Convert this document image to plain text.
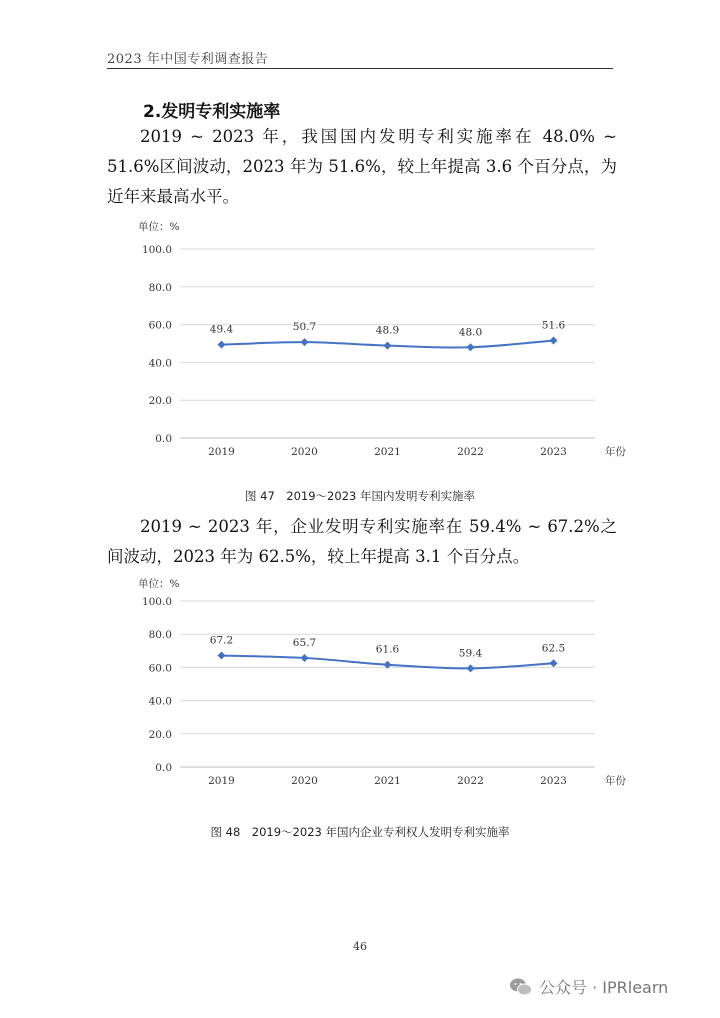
2023 年中国专利调查报告
2.发明专利实施率
2019 ~ 2023 年，我国国内发明专利实施率在 48.0% ~ 51.6%区间波动，2023 年为 51.6%，较上年提高 3.6 个百分点，为近年来最高水平。
单位：%
0.0
20.0
40.0
60.0
80.0
100.0
2019	2020	2021	2022	2023	年份
49.4	50.7	48.9	48.0
51.6
图 47　2019～2023 年国内发明专利实施率
2019 ~ 2023 年，企业发明专利实施率在 59.4% ~ 67.2%之间波动，2023 年为 62.5%，较上年提高 3.1 个百分点。
单位：%
0.0
20.0
40.0
60.0
80.0
100.0
2019	2020	2021	2022	2023	年份
67.2	65.7
61.6	59.4	62.5
图 48　2019～2023 年国内企业专利权人发明专利实施率
46
公众号 · IPRlearn
